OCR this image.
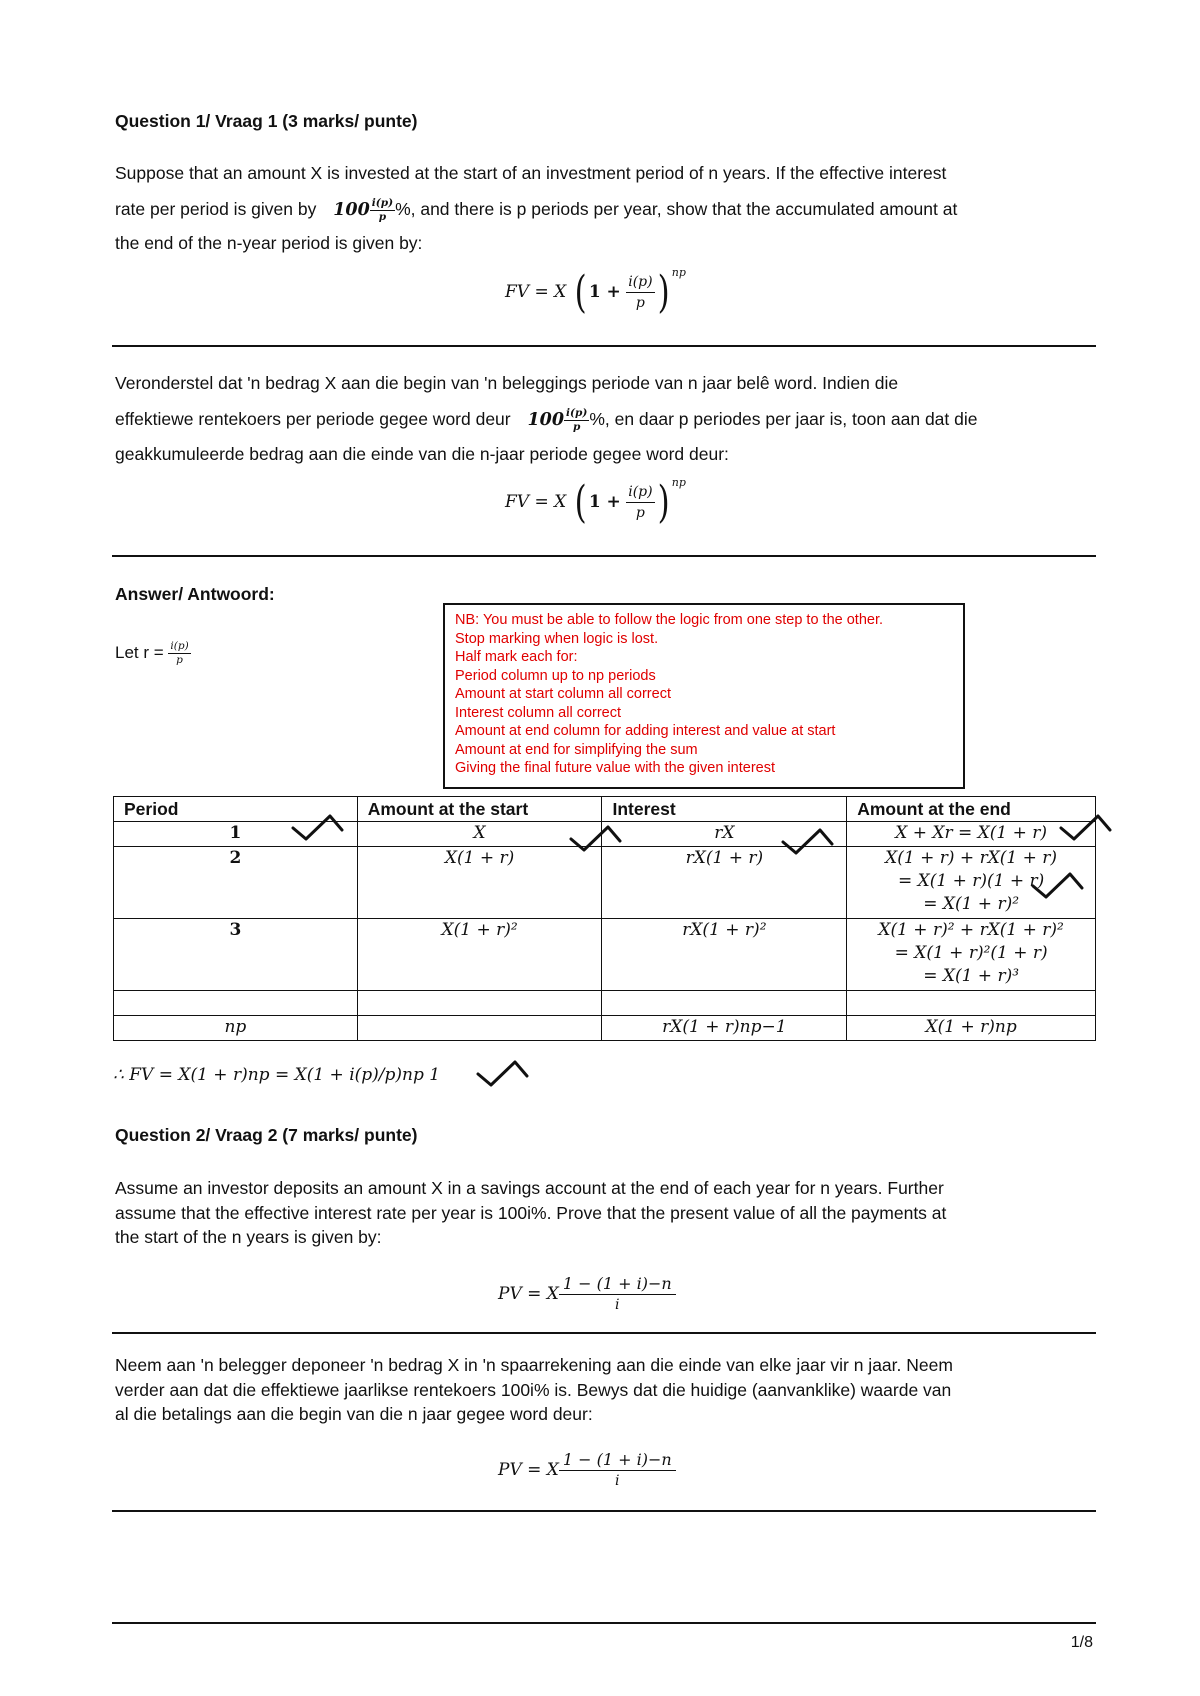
Question 1/ Vraag 1 (3 marks/ punte)
Suppose that an amount X is invested at the start of an investment period of n years. If the effective interest
rate per period is given by $100 \frac{i(p)}{p}$ %, and there is p periods per year, show that the accumulated amount at
the end of the n-year period is given by:
FV = X ( $1 + \frac{i(p)}{p}$ ) $^{np}$
Veronderstel dat 'n bedrag X aan die begin van 'n beleggings periode van n jaar belê word. Indien die
effektiewe rentekoers per periode gegee word deur $100 \frac{i(p)}{p}$ %, en daar p periodes per jaar is, toon aan dat die
geakkumuleerde bedrag aan die einde van die n-jaar periode gegee word deur:
FV = X ( $1 + \frac{i(p)}{p}$ ) $^{np}$
Answer/ Antwoord:
Let $r = \frac{i(p)}{p}$
NB: You must be able to follow the logic from one step to the other.
Stop marking when logic is lost.
Half mark each for:
Period column up to np periods
Amount at start column all correct
Interest column all correct
Amount at end column for adding interest and value at start
Amount at end for simplifying the sum
Giving the final future value with the given interest
Period	Amount at the start	Interest	Amount at the end
1	X	rX	X + Xr = X(1 + r)
2	X(1 + r)	rX(1 + r)	X(1 + r) + rX(1 + r)
= X(1 + r)(1 + r)
= X(1 + r)²

3	X(1 + r)²	rX(1 + r)²	X(1 + r)² + rX(1 + r)²
= X(1 + r)²(1 + r)
= X(1 + r)³

np		rX(1 + r)np−1	X(1 + r)np
∴ FV = X(1 + r)np = X(1 + i(p)/p)np 1
Question 2/ Vraag 2 (7 marks/ punte)
Assume an investor deposits an amount X in a savings account at the end of each year for n years. Further
assume that the effective interest rate per year is 100i%. Prove that the present value of all the payments at
the start of the n years is given by:
PV = X $\frac{1 - (1 + i)-n}{i}$
Neem aan 'n belegger deponeer 'n bedrag X in 'n spaarrekening aan die einde van elke jaar vir n jaar. Neem
verder aan dat die effektiewe jaarlikse rentekoers 100i% is. Bewys dat die huidige (aanvanklike) waarde van
al die betalings aan die begin van die n jaar gegee word deur:
PV = X $\frac{1 - (1 + i)-n}{i}$
1/8
